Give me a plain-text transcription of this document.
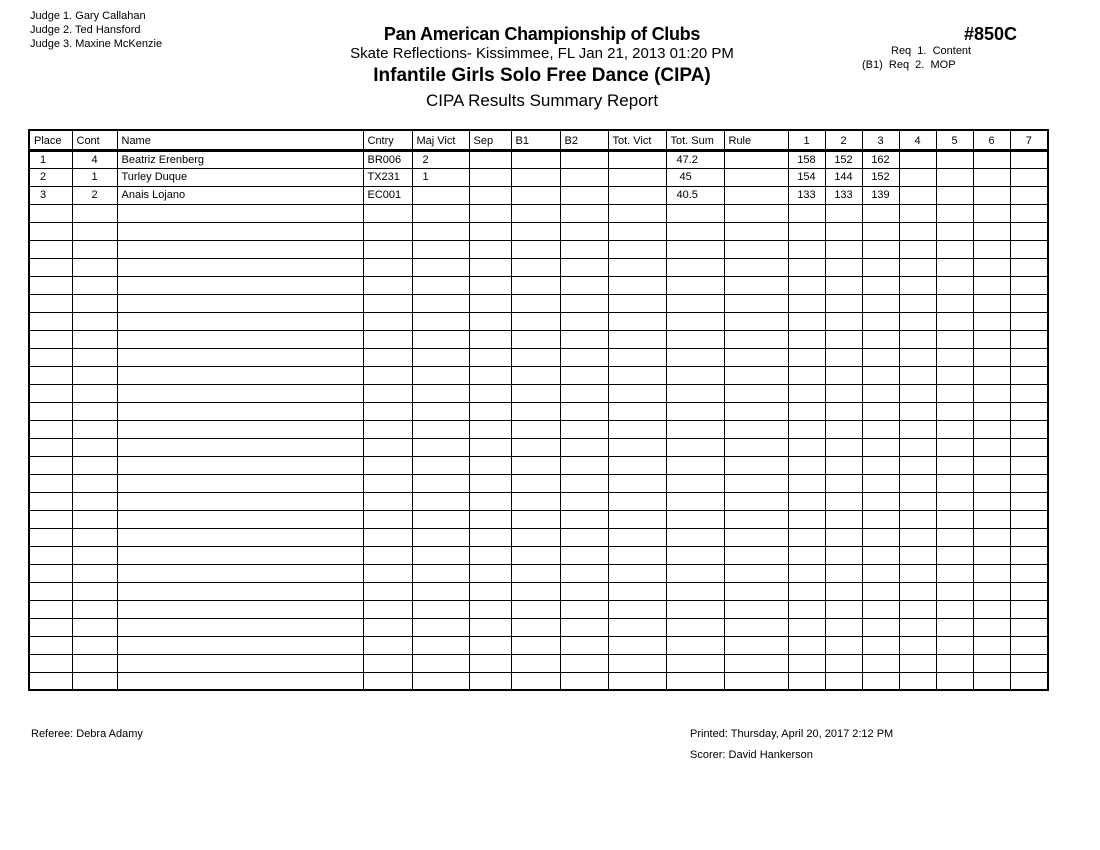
Judge 1. Gary Callahan
Judge 2. Ted Hansford
Judge 3. Maxine McKenzie	Pan American Championship of Clubs
Skate Reflections- Kissimmee, FL Jan 21, 2013 01:20 PM
Infantile Girls Solo Free Dance (CIPA)
CIPA Results Summary Report
#850C
Req  1.  Content
(B1)  Req  2.  MOP
Place	Cont	Name	Cntry	Maj Vict	Sep	B1	B2	Tot. Vict	Tot. Sum	Rule	1	2	3	4	5	6	7
1	4	Beatriz Erenberg	BR006	2					47.2		158	152	162				
2	1	Turley Duque	TX231	1					45		154	144	152				
3	2	Anais Lojano	EC001						40.5		133	133	139				

Referee: Debra Adamy	Printed: Thursday, April 20, 2017 2:12 PM
Scorer: David Hankerson
